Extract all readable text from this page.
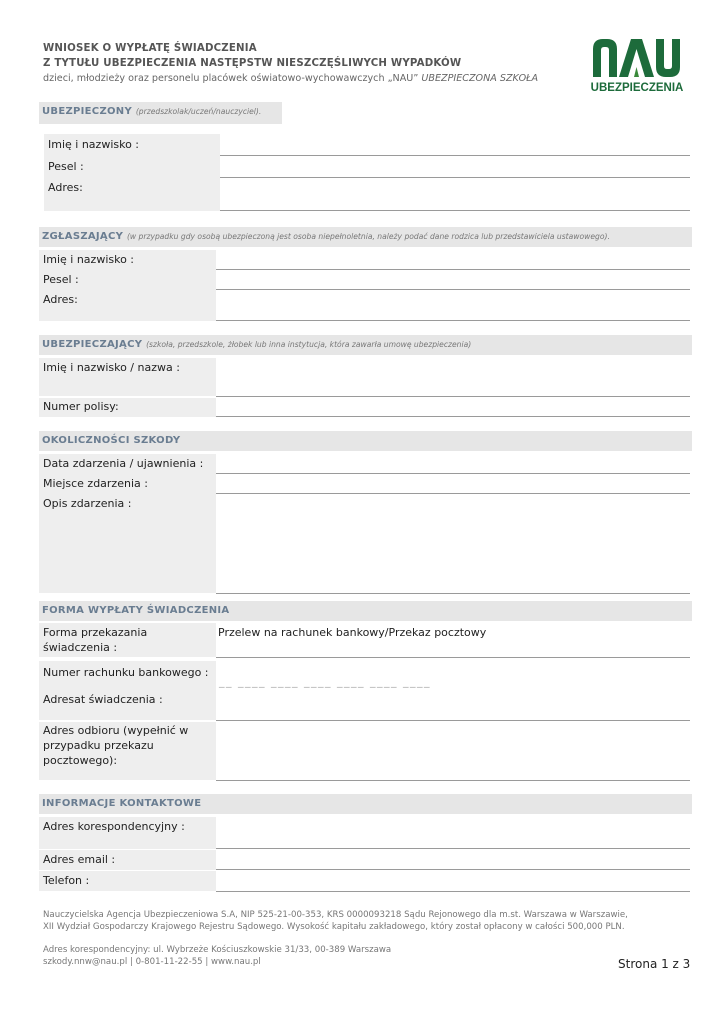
WNIOSEK O WYPŁATĘ ŚWIADCZENIA
Z TYTUŁU UBEZPIECZENIA NASTĘPSTW NIESZCZĘŚLIWYCH WYPADKÓW
dzieci, młodzieży oraz personelu placówek oświatowo-wychowawczych „NAU” UBEZPIECZONA SZKOŁA
UBEZPIECZENIA
UBEZPIECZONY (przedszkolak/uczeń/nauczyciel).
Imię i nazwisko :
Pesel :
Adres:
ZGŁASZAJĄCY (w przypadku gdy osobą ubezpieczoną jest osoba niepełnoletnia, należy podać dane rodzica lub przedstawiciela ustawowego).
Imię i nazwisko :
Pesel :
Adres:
UBEZPIECZAJĄCY (szkoła, przedszkole, żłobek lub inna instytucja, która zawarła umowę ubezpieczenia)
Imię i nazwisko / nazwa :
Numer polisy:
OKOLICZNOŚCI SZKODY
Data zdarzenia / ujawnienia :
Miejsce zdarzenia :
Opis zdarzenia :
FORMA WYPŁATY ŚWIADCZENIA
Forma przekazania
świadczenia :
Przelew na rachunek bankowy/Przekaz pocztowy
Numer rachunku bankowego :
__ ____ ____ ____ ____ ____ ____
Adresat świadczenia :
Adres odbioru (wypełnić w
przypadku przekazu
pocztowego):
INFORMACJE KONTAKTOWE
Adres korespondencyjny :
Adres email :
Telefon :
Nauczycielska Agencja Ubezpieczeniowa S.A, NIP 525-21-00-353, KRS 0000093218 Sądu Rejonowego dla m.st. Warszawa w Warszawie,
XII Wydział Gospodarczy Krajowego Rejestru Sądowego. Wysokość kapitału zakładowego, który został opłacony w całości 500,000 PLN.
Adres korespondencyjny: ul. Wybrzeże Kościuszkowskie 31/33, 00-389 Warszawa
szkody.nnw@nau.pl | 0-801-11-22-55 | www.nau.pl	Strona 1 z 3
